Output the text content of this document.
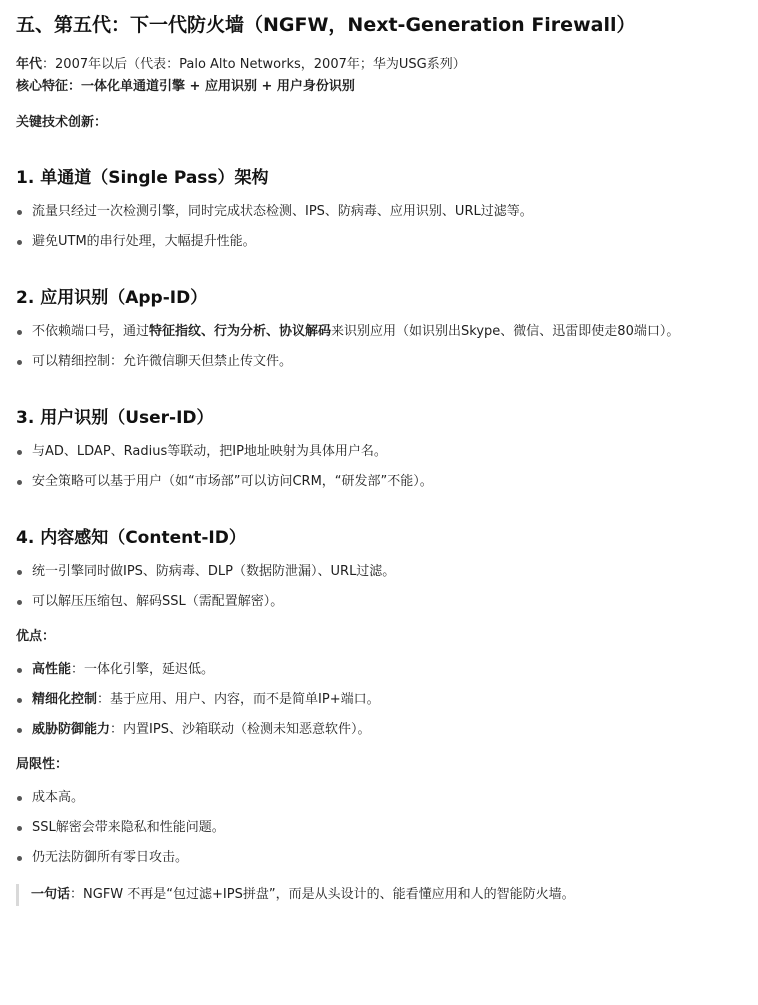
五、第五代：下一代防火墙（NGFW，Next-Generation Firewall）

年代：2007年以后（代表：Palo Alto Networks，2007年；华为USG系列）

核心特征：一体化单通道引擎 + 应用识别 + 用户身份识别

关键技术创新：
1. 单通道（Single Pass）架构
流量只经过一次检测引擎，同时完成状态检测、IPS、防病毒、应用识别、URL过滤等。
避免UTM的串行处理，大幅提升性能。
2. 应用识别（App-ID）
不依赖端口号，通过特征指纹、行为分析、协议解码来识别应用（如识别出Skype、微信、迅雷即使走80端口）。
可以精细控制：允许微信聊天但禁止传文件。
3. 用户识别（User-ID）
与AD、LDAP、Radius等联动，把IP地址映射为具体用户名。
安全策略可以基于用户（如“市场部”可以访问CRM，“研发部”不能）。
4. 内容感知（Content-ID）
统一引擎同时做IPS、防病毒、DLP（数据防泄漏）、URL过滤。
可以解压压缩包、解码SSL（需配置解密）。
优点：
高性能：一体化引擎，延迟低。
精细化控制：基于应用、用户、内容，而不是简单IP+端口。
威胁防御能力：内置IPS、沙箱联动（检测未知恶意软件）。
局限性：
成本高。
SSL解密会带来隐私和性能问题。
仍无法防御所有零日攻击。
一句话：NGFW 不再是“包过滤+IPS拼盘”，而是从头设计的、能看懂应用和人的智能防火墙。
